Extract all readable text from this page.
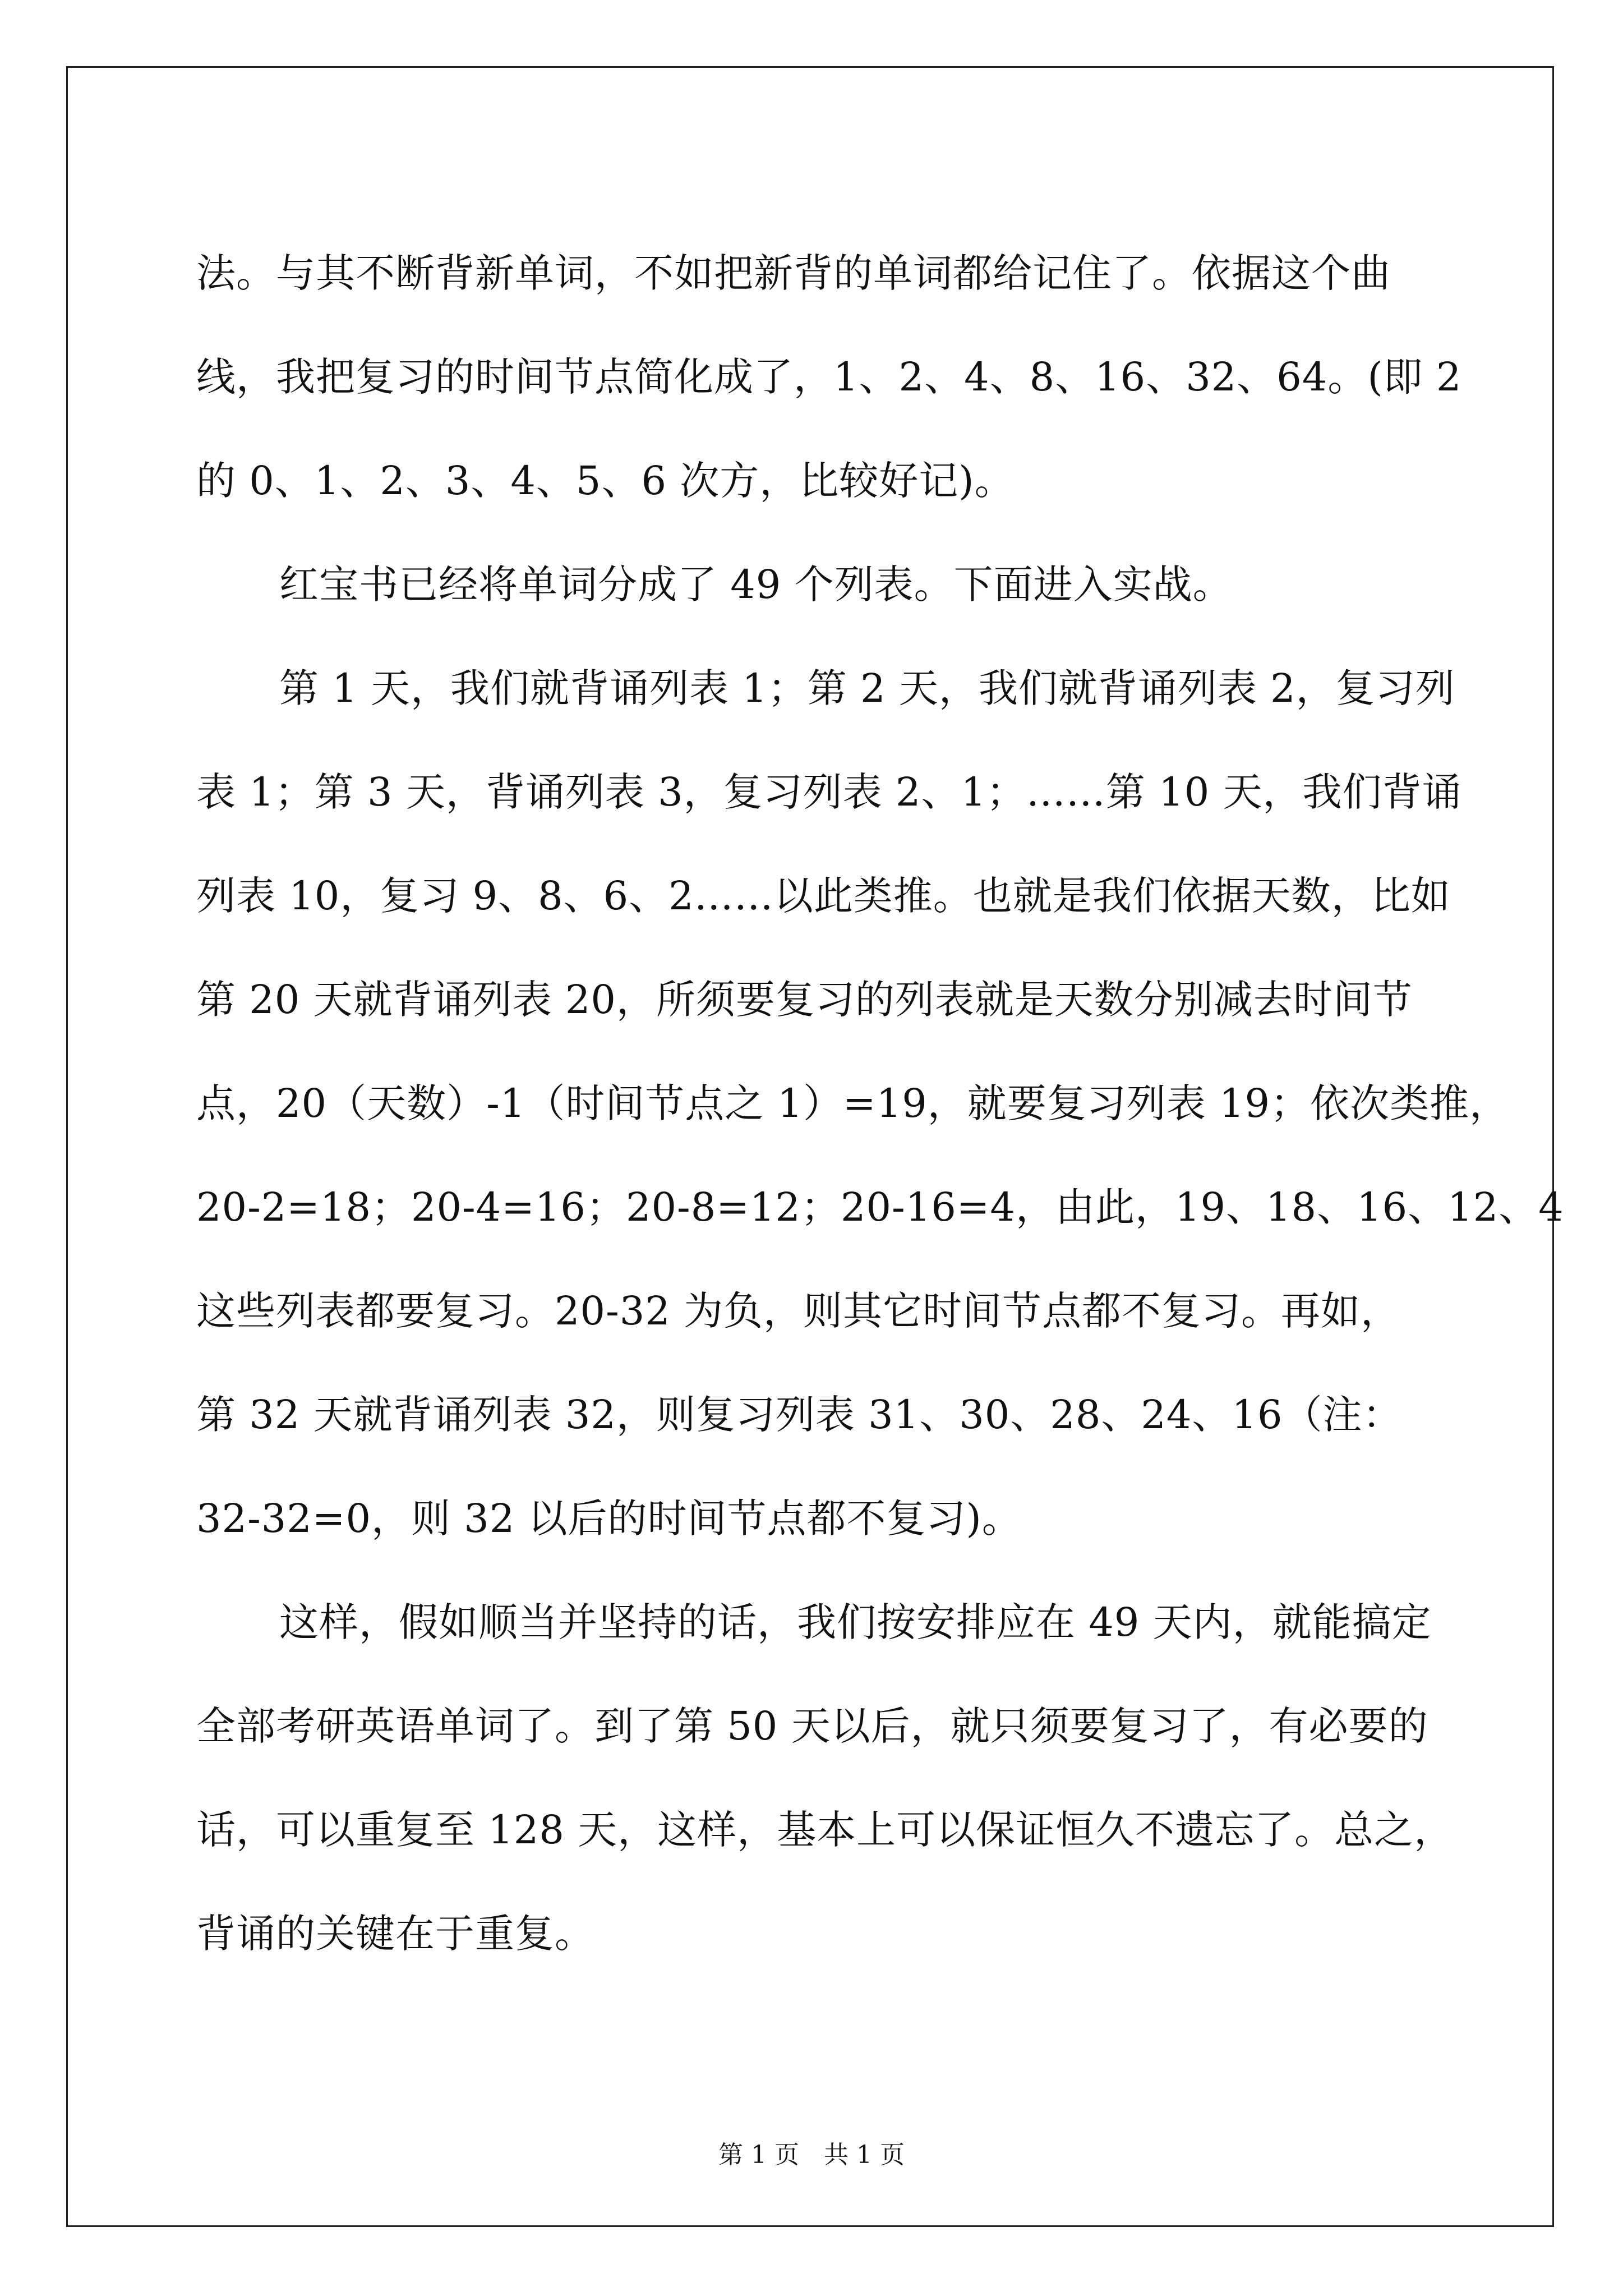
法。与其不断背新单词，不如把新背的单词都给记住了。依据这个曲
线，我把复习的时间节点简化成了，1、2、4、8、16、32、64。(即 2
的 0、1、2、3、4、5、6 次方，比较好记)。
红宝书已经将单词分成了 49 个列表。下面进入实战。
第 1 天，我们就背诵列表 1；第 2 天，我们就背诵列表 2，复习列
表 1；第 3 天，背诵列表 3，复习列表 2、1；……第 10 天，我们背诵
列表 10，复习 9、8、6、2……以此类推。也就是我们依据天数，比如
第 20 天就背诵列表 20，所须要复习的列表就是天数分别减去时间节
点，20（天数）-1（时间节点之 1）=19，就要复习列表 19；依次类推，
20-2=18；20-4=16；20-8=12；20-16=4，由此，19、18、16、12、4
这些列表都要复习。20-32 为负，则其它时间节点都不复习。再如，
第 32 天就背诵列表 32，则复习列表 31、30、28、24、16（注：
32-32=0，则 32 以后的时间节点都不复习)。
这样，假如顺当并坚持的话，我们按安排应在 49 天内，就能搞定
全部考研英语单词了。到了第 50 天以后，就只须要复习了，有必要的
话，可以重复至 128 天，这样，基本上可以保证恒久不遗忘了。总之，
背诵的关键在于重复。
第 1 页　共 1 页
